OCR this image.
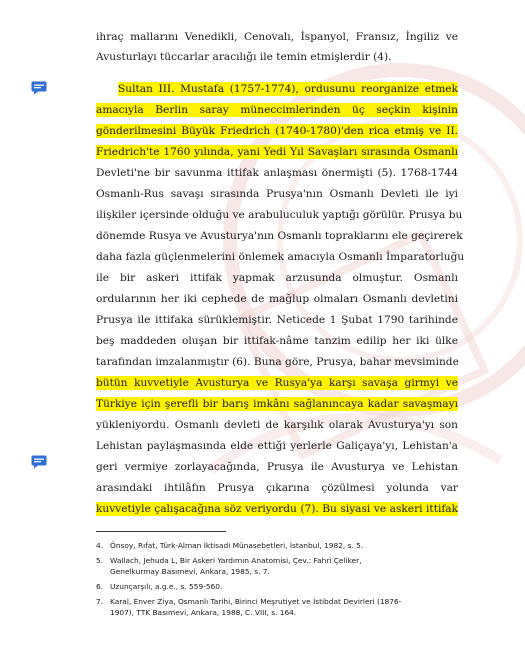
ihraç mallarını Venedikli, Cenovalı, İspanyol, Fransız, İngiliz ve
Avusturlayı tüccarlar aracılığı ile temin etmişlerdir (4).
Sultan III. Mustafa (1757-1774), ordusunu reorganize etmek
amacıyla Berlin saray müneccimlerinden üç seçkin kişinin
gönderilmesini Büyük Friedrich (1740-1780)'den rica etmiş ve II.
Friedrich'te 1760 yılında, yani Yedi Yıl Savaşları sırasında Osmanlı
Devleti'ne bir savunma ittifak anlaşması önermişti (5). 1768-1744
Osmanlı-Rus savaşı sırasında Prusya'nın Osmanlı Devleti ile iyi
ilişkiler içersinde olduğu ve arabuluculuk yaptığı görülür. Prusya bu
dönemde Rusya ve Avusturya'nın Osmanlı topraklarını ele geçirerek
daha fazla güçlenmelerini önlemek amacıyla Osmanlı İmparatorluğu
ile bir askeri ittifak yapmak arzusunda olmuştur. Osmanlı
ordularının her iki cephede de mağlup olmaları Osmanlı devletini
Prusya ile ittifaka sürüklemiştir. Neticede 1 Şubat 1790 tarihinde
beş maddeden oluşan bir ittifak-nâme tanzim edilip her iki ülke
tarafından imzalanmıştır (6). Buna göre, Prusya, bahar mevsiminde
bütün kuvvetiyle Avusturya ve Rusya'ya karşı savaşa girmyi ve
Türkiye için şerefli bir barış imkânı sağlanıncaya kadar savaşmayı
yükleniyordu. Osmanlı devleti de karşılık olarak Avusturya'yı son
Lehistan paylaşmasında elde ettiği yerlerle Galiçaya'yı, Lehistan'a
geri vermiye zorlayacağında, Prusya ile Avusturya ve Lehistan
arasındaki ihtilâfın Prusya çıkarına çözülmesi yolunda var
kuvvetiyle çalışacağına söz veriyordu (7). Bu siyasi ve askeri ittifak
4. Önsoy, Rıfat, Türk-Alman İktisadi Münasebetleri, İstanbul, 1982, s. 5.
5. Wallach, Jehuda L, Bir Askeri Yardımın Anatomisi, Çev.: Fahri Çeliker,
Genelkurmay Basımevi, Ankara, 1985, s. 7.
6. Uzunçarşılı, a.g.e., s. 559-560.
7. Karal, Enver Ziya, Osmanlı Tarihi, Birinci Meşrutiyet ve İstibdat Devirleri (1876-
1907), TTK Basımevi, Ankara, 1988, C. VIII, s. 164.
